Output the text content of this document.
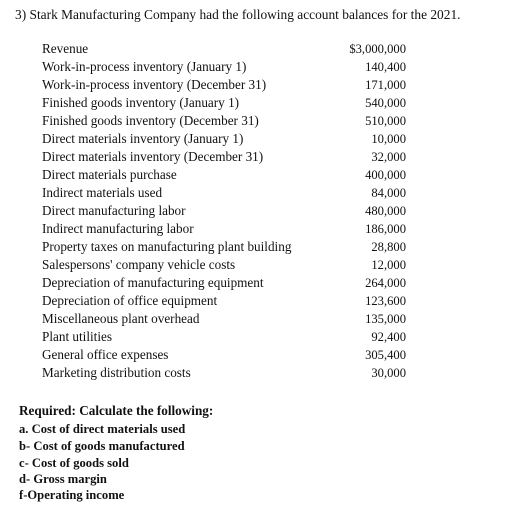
3) Stark Manufacturing Company had the following account balances for the 2021.
Revenue	$3,000,000
Work-in-process inventory (January 1)	140,400
Work-in-process inventory (December 31)	171,000
Finished goods inventory (January 1)	540,000
Finished goods inventory (December 31)	510,000
Direct materials inventory (January 1)	10,000
Direct materials inventory (December 31)	32,000
Direct materials purchase	400,000
Indirect materials used	84,000
Direct manufacturing labor	480,000
Indirect manufacturing labor	186,000
Property taxes on manufacturing plant building	28,800
Salespersons' company vehicle costs	12,000
Depreciation of manufacturing equipment	264,000
Depreciation of office equipment	123,600
Miscellaneous plant overhead	135,000
Plant utilities	92,400
General office expenses	305,400
Marketing distribution costs	30,000
Required: Calculate the following:
a. Cost of direct materials used
b- Cost of goods manufactured
c- Cost of goods sold
d- Gross margin
f-Operating income
